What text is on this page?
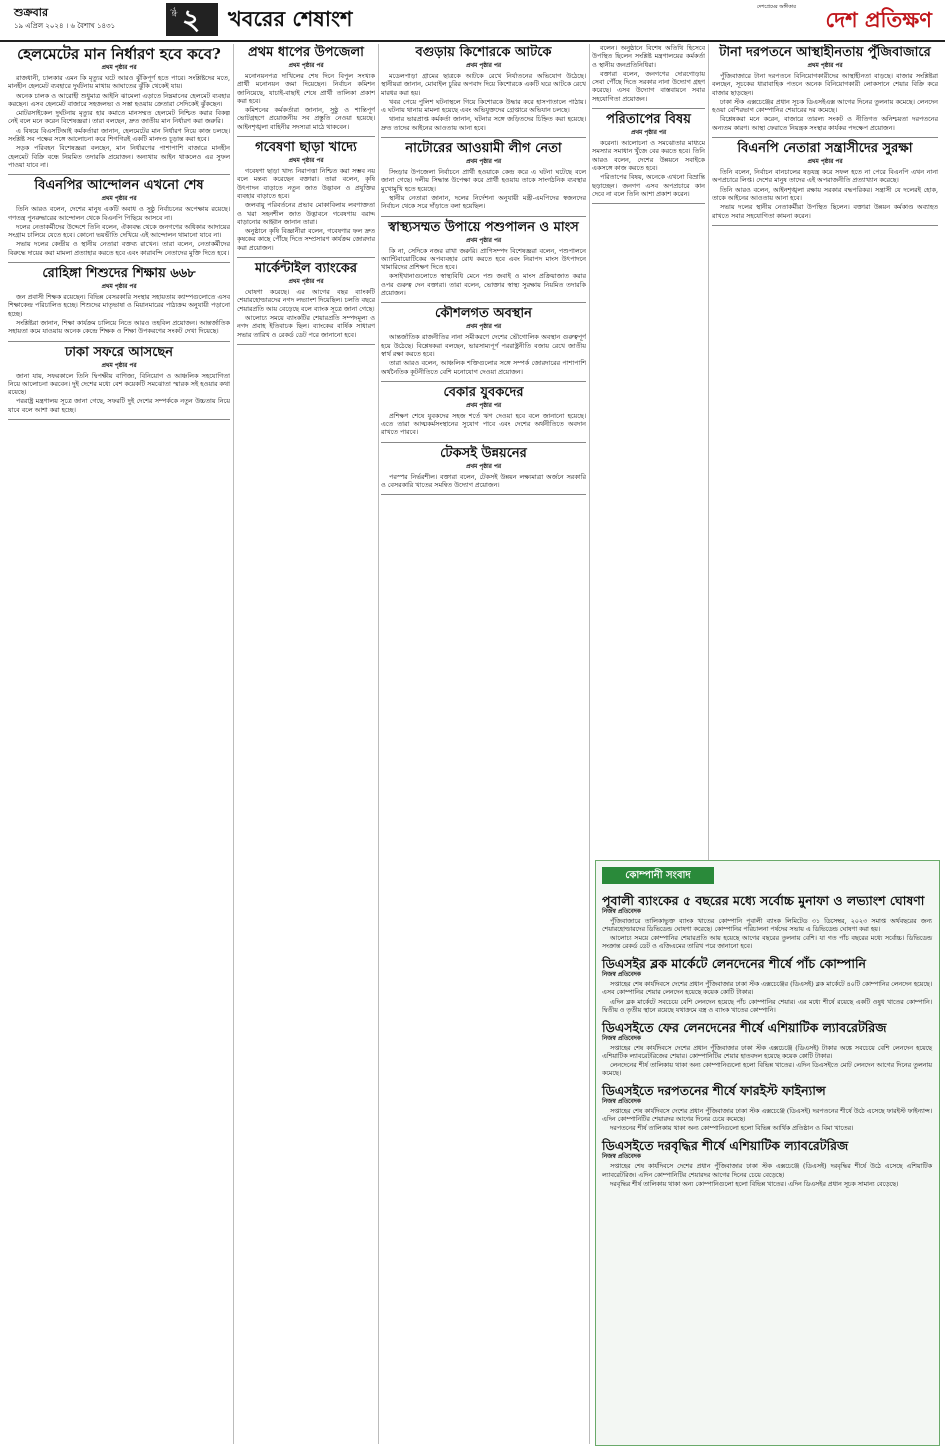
শুক্রবার
১৯ এপ্রিল ২০২৪ । ৬ বৈশাখ ১৪৩১
পৃষ্ঠা ২ খবরের শেষাংশ	দেশপ্রেমের অঙ্গীকার	দেশ প্রতিক্ষণ
হেলমেটের মান নির্ধারণ হবে কবে?
প্রথম পৃষ্ঠার পর

রাজধানী, চালকার এমন কি মৃত্যুর ঘটে আরও ঝুঁকিপূর্ণ হতে পারে। সংশ্লিষ্টদের মতে, মানহীন হেলমেট ব্যবহারে দুর্ঘটনায় মাথায় আঘাতের ঝুঁকি থেকেই যায়।

অনেক চালক ও আরোহী শুধুমাত্র আইনি ঝামেলা এড়াতে নিম্নমানের হেলমেট ব্যবহার করছেন। এসব হেলমেট বাজারে সহজলভ্য ও সস্তা হওয়ায় ক্রেতারা সেদিকেই ঝুঁকছেন।

মোটরসাইকেল দুর্ঘটনায় মৃত্যুর হার কমাতে মানসম্মত হেলমেট নিশ্চিত করার বিকল্প নেই বলে মনে করেন বিশেষজ্ঞরা। তারা বলছেন, দ্রুত জাতীয় মান নির্ধারণ করা জরুরি।

এ বিষয়ে বিএসটিআই কর্মকর্তারা জানান, হেলমেটের মান নির্ধারণ নিয়ে কাজ চলছে। সংশ্লিষ্ট সব পক্ষের সঙ্গে আলোচনা করে শিগগিরই একটি মানদণ্ড চূড়ান্ত করা হবে।

সড়ক পরিবহন বিশেষজ্ঞরা বলছেন, মান নির্ধারণের পাশাপাশি বাজারে মানহীন হেলমেট বিক্রি বন্ধে নিয়মিত তদারকি প্রয়োজন। অন্যথায় আইন থাকলেও এর সুফল পাওয়া যাবে না।

বিএনপির আন্দোলন এখনো শেষ
প্রথম পৃষ্ঠার পর

তিনি আরও বলেন, দেশের মানুষ একটি অবাধ ও সুষ্ঠু নির্বাচনের অপেক্ষায় রয়েছে। গণতন্ত্র পুনরুদ্ধারের আন্দোলন থেকে বিএনপি পিছিয়ে আসবে না।

দলের নেতাকর্মীদের উদ্দেশে তিনি বলেন, ঐক্যবদ্ধ থেকে জনগণের অধিকার আদায়ের সংগ্রাম চালিয়ে যেতে হবে। কোনো ভয়ভীতি দেখিয়ে এই আন্দোলন থামানো যাবে না।

সভায় দলের কেন্দ্রীয় ও স্থানীয় নেতারা বক্তব্য রাখেন। তারা বলেন, নেতাকর্মীদের বিরুদ্ধে দায়ের করা মামলা প্রত্যাহার করতে হবে এবং কারাবন্দি নেতাদের মুক্তি দিতে হবে।

রোহিঙ্গা শিশুদের শিক্ষায় ৬৬৮
প্রথম পৃষ্ঠার পর

জন প্রবাসী শিক্ষক রয়েছেন। বিভিন্ন বেসরকারি সংস্থার সহায়তায় ক্যাম্পগুলোতে এসব শিক্ষাকেন্দ্র পরিচালিত হচ্ছে। শিশুদের মাতৃভাষা ও মিয়ানমারের পাঠ্যক্রম অনুযায়ী পড়ানো হচ্ছে।

সংশ্লিষ্টরা জানান, শিক্ষা কার্যক্রম চালিয়ে নিতে আরও তহবিল প্রয়োজন। আন্তর্জাতিক সহায়তা কমে যাওয়ায় অনেক কেন্দ্রে শিক্ষক ও শিক্ষা উপকরণের সংকট দেখা দিয়েছে।

ঢাকা সফরে আসছেন
প্রথম পৃষ্ঠার পর

জানা যায়, সফরকালে তিনি দ্বিপক্ষীয় বাণিজ্য, বিনিয়োগ ও আঞ্চলিক সহযোগিতা নিয়ে আলোচনা করবেন। দুই দেশের মধ্যে বেশ কয়েকটি সমঝোতা স্মারক সই হওয়ার কথা রয়েছে।

পররাষ্ট্র মন্ত্রণালয় সূত্রে জানা গেছে, সফরটি দুই দেশের সম্পর্ককে নতুন উচ্চতায় নিয়ে যাবে বলে আশা করা হচ্ছে।

প্রথম ধাপের উপজেলা
প্রথম পৃষ্ঠার পর

মনোনয়নপত্র দাখিলের শেষ দিনে বিপুল সংখ্যক প্রার্থী মনোনয়ন জমা দিয়েছেন। নির্বাচন কমিশন জানিয়েছে, যাচাই-বাছাই শেষে প্রার্থী তালিকা প্রকাশ করা হবে।

কমিশনের কর্মকর্তারা জানান, সুষ্ঠু ও শান্তিপূর্ণ ভোটগ্রহণে প্রয়োজনীয় সব প্রস্তুতি নেওয়া হয়েছে। আইনশৃঙ্খলা বাহিনীর সদস্যরা মাঠে থাকবেন।

গবেষণা ছাড়া খাদ্যে
প্রথম পৃষ্ঠার পর

গবেষণা ছাড়া খাদ্য নিরাপত্তা নিশ্চিত করা সম্ভব নয় বলে মন্তব্য করেছেন বক্তারা। তারা বলেন, কৃষি উৎপাদন বাড়াতে নতুন জাত উদ্ভাবন ও প্রযুক্তির ব্যবহার বাড়াতে হবে।

জলবায়ু পরিবর্তনের প্রভাব মোকাবিলায় লবণাক্ততা ও খরা সহনশীল জাত উদ্ভাবনে গবেষণায় বরাদ্দ বাড়ানোর আহ্বান জানান তারা।

অনুষ্ঠানে কৃষি বিজ্ঞানীরা বলেন, গবেষণার ফল দ্রুত কৃষকের কাছে পৌঁছে দিতে সম্প্রসারণ কার্যক্রম জোরদার করা প্রয়োজন।

মার্কেন্টাইল ব্যাংকের
প্রথম পৃষ্ঠার পর

ঘোষণা করেছে। এর আগের বছর ব্যাংকটি শেয়ারহোল্ডারদের নগদ লভ্যাংশ দিয়েছিল। চলতি বছরে শেয়ারপ্রতি আয় বেড়েছে বলে ব্যাংক সূত্রে জানা গেছে।

আলোচ্য সময়ে ব্যাংকটির শেয়ারপ্রতি সম্পদমূল্য ও নগদ প্রবাহ ইতিবাচক ছিল। ব্যাংকের বার্ষিক সাধারণ সভার তারিখ ও রেকর্ড ডেট পরে জানানো হবে।

বগুড়ায় কিশোরকে আটকে
প্রথম পৃষ্ঠার পর

মডেলপাড়া গ্রামের ছাত্রকে আটকে রেখে নির্যাতনের অভিযোগ উঠেছে। স্থানীয়রা জানান, মোবাইল চুরির অপবাদ দিয়ে কিশোরকে একটি ঘরে আটকে রেখে মারধর করা হয়।

খবর পেয়ে পুলিশ ঘটনাস্থলে গিয়ে কিশোরকে উদ্ধার করে হাসপাতালে পাঠায়। এ ঘটনায় থানায় মামলা হয়েছে এবং অভিযুক্তদের গ্রেপ্তারে অভিযান চলছে।

থানার ভারপ্রাপ্ত কর্মকর্তা জানান, ঘটনার সঙ্গে জড়িতদের চিহ্নিত করা হয়েছে। দ্রুত তাদের আইনের আওতায় আনা হবে।

নাটোরের আওয়ামী লীগ নেতা
প্রথম পৃষ্ঠার পর

সিংড়ার উপজেলা নির্বাচনে প্রার্থী হওয়াকে কেন্দ্র করে এ ঘটনা ঘটেছে বলে জানা গেছে। দলীয় সিদ্ধান্ত উপেক্ষা করে প্রার্থী হওয়ায় তাকে সাংগঠনিক ব্যবস্থার মুখোমুখি হতে হয়েছে।

স্থানীয় নেতারা জানান, দলের নির্দেশনা অনুযায়ী মন্ত্রী-এমপিদের স্বজনদের নির্বাচন থেকে সরে দাঁড়াতে বলা হয়েছিল।

স্বাস্থ্যসম্মত উপায়ে পশুপালন ও মাংস
প্রথম পৃষ্ঠার পর

কি না, সেদিকে নজর রাখা জরুরি। প্রাণিসম্পদ বিশেষজ্ঞরা বলেন, পশুপালনে অ্যান্টিবায়োটিকের অপব্যবহার রোধ করতে হবে এবং নিরাপদ মাংস উৎপাদনে খামারিদের প্রশিক্ষণ দিতে হবে।

কসাইখানাগুলোতে স্বাস্থ্যবিধি মেনে পশু জবাই ও মাংস প্রক্রিয়াজাত করার ওপর গুরুত্ব দেন বক্তারা। তারা বলেন, ভোক্তার স্বাস্থ্য সুরক্ষায় নিয়মিত তদারকি প্রয়োজন।

কৌশলগত অবস্থান
প্রথম পৃষ্ঠার পর

আন্তর্জাতিক রাজনীতির নানা সমীকরণে দেশের ভৌগোলিক অবস্থান গুরুত্বপূর্ণ হয়ে উঠেছে। বিশ্লেষকরা বলছেন, ভারসাম্যপূর্ণ পররাষ্ট্রনীতি বজায় রেখে জাতীয় স্বার্থ রক্ষা করতে হবে।

তারা আরও বলেন, আঞ্চলিক শক্তিগুলোর সঙ্গে সম্পর্ক জোরদারের পাশাপাশি অর্থনৈতিক কূটনীতিতে বেশি মনোযোগ দেওয়া প্রয়োজন।

বেকার যুবকদের
প্রথম পৃষ্ঠার পর

প্রশিক্ষণ শেষে যুবকদের সহজ শর্তে ঋণ দেওয়া হবে বলে জানানো হয়েছে। এতে তারা আত্মকর্মসংস্থানের সুযোগ পাবে এবং দেশের অর্থনীতিতে অবদান রাখতে পারবে।

টেকসই উন্নয়নের
প্রথম পৃষ্ঠার পর

পরস্পর নির্ভরশীল। বক্তারা বলেন, টেকসই উন্নয়ন লক্ষ্যমাত্রা অর্জনে সরকারি ও বেসরকারি খাতের সমন্বিত উদ্যোগ প্রয়োজন।

বলেন। অনুষ্ঠানে বিশেষ অতিথি হিসেবে উপস্থিত ছিলেন সংশ্লিষ্ট মন্ত্রণালয়ের কর্মকর্তা ও স্থানীয় জনপ্রতিনিধিরা।

বক্তারা বলেন, জনগণের দোরগোড়ায় সেবা পৌঁছে দিতে সরকার নানা উদ্যোগ গ্রহণ করেছে। এসব উদ্যোগ বাস্তবায়নে সবার সহযোগিতা প্রয়োজন।

পরিতাপের বিষয়
প্রথম পৃষ্ঠার পর

করেনা। আলোচনা ও সমঝোতার মাধ্যমে সমস্যার সমাধান খুঁজে বের করতে হবে। তিনি আরও বলেন, দেশের উন্নয়নে সবাইকে একসঙ্গে কাজ করতে হবে।

পরিতাপের বিষয়, অনেকে এখনো বিভ্রান্তি ছড়াচ্ছেন। জনগণ এসব অপপ্রচারে কান দেবে না বলে তিনি আশা প্রকাশ করেন।

টানা দরপতনে আস্থাহীনতায় পুঁজিবাজারে
প্রথম পৃষ্ঠার পর

পুঁজিবাজারে টানা দরপতনে বিনিয়োগকারীদের আস্থাহীনতা বাড়ছে। বাজার সংশ্লিষ্টরা বলছেন, সূচকের ধারাবাহিক পতনে অনেক বিনিয়োগকারী লোকসানে শেয়ার বিক্রি করে বাজার ছাড়ছেন।

ঢাকা স্টক এক্সচেঞ্জের প্রধান সূচক ডিএসইএক্স আগের দিনের তুলনায় কমেছে। লেনদেন হওয়া বেশিরভাগ কোম্পানির শেয়ারের দর কমেছে।

বিশ্লেষকরা মনে করেন, বাজারে তারল্য সংকট ও নীতিগত অনিশ্চয়তা দরপতনের অন্যতম কারণ। আস্থা ফেরাতে নিয়ন্ত্রক সংস্থার কার্যকর পদক্ষেপ প্রয়োজন।

বিএনপি নেতারা সন্ত্রাসীদের সুরক্ষা
প্রথম পৃষ্ঠার পর

তিনি বলেন, নির্বাচন বানচালের ষড়যন্ত্র করে সফল হতে না পেরে বিএনপি এখন নানা অপপ্রচারে লিপ্ত। দেশের মানুষ তাদের এই অপরাজনীতি প্রত্যাখ্যান করেছে।

তিনি আরও বলেন, আইনশৃঙ্খলা রক্ষায় সরকার বদ্ধপরিকর। সন্ত্রাসী যে দলেরই হোক, তাকে আইনের আওতায় আনা হবে।

সভায় দলের স্থানীয় নেতাকর্মীরা উপস্থিত ছিলেন। বক্তারা উন্নয়ন কর্মকাণ্ড অব্যাহত রাখতে সবার সহযোগিতা কামনা করেন।

কোম্পানী সংবাদ
পূবালী ব্যাংকের ৫ বছরের মধ্যে সর্বোচ্চ মুনাফা ও লভ্যাংশ ঘোষণা
নিজস্ব প্রতিবেদক

পুঁজিবাজারে তালিকাভুক্ত ব্যাংক খাতের কোম্পানি পূবালী ব্যাংক লিমিটেড ৩১ ডিসেম্বর, ২০২৩ সমাপ্ত অর্থবছরের জন্য শেয়ারহোল্ডারদের ডিভিডেন্ড ঘোষণা করেছে। কোম্পানির পরিচালনা পর্ষদের সভায় এ ডিভিডেন্ড ঘোষণা করা হয়।

আলোচ্য সময়ে কোম্পানির শেয়ারপ্রতি আয় হয়েছে আগের বছরের তুলনায় বেশি। যা গত পাঁচ বছরের মধ্যে সর্বোচ্চ। ডিভিডেন্ড সংক্রান্ত রেকর্ড ডেট ও এজিএমের তারিখ পরে জানানো হবে।

ডিএসইর ব্লক মার্কেটে লেনদেনের শীর্ষে পাঁচ কোম্পানি
নিজস্ব প্রতিবেদক

সপ্তাহের শেষ কার্যদিবসে দেশের প্রধান পুঁজিবাজার ঢাকা স্টক এক্সচেঞ্জের (ডিএসই) ব্লক মার্কেটে ৪০টি কোম্পানির লেনদেন হয়েছে। এসব কোম্পানির শেয়ার লেনদেন হয়েছে কয়েক কোটি টাকার।

এদিন ব্লক মার্কেটে সবচেয়ে বেশি লেনদেন হয়েছে পাঁচ কোম্পানির শেয়ার। এর মধ্যে শীর্ষে রয়েছে একটি ওষুধ খাতের কোম্পানি। দ্বিতীয় ও তৃতীয় স্থানে রয়েছে যথাক্রমে বস্ত্র ও ব্যাংক খাতের কোম্পানি।

ডিএসইতে ফের লেনদেনের শীর্ষে এশিয়াটিক ল্যাবরেটরিজ
নিজস্ব প্রতিবেদক

সপ্তাহের শেষ কার্যদিবসে দেশের প্রধান পুঁজিবাজার ঢাকা স্টক এক্সচেঞ্জে (ডিএসই) টাকার অঙ্কে সবচেয়ে বেশি লেনদেন হয়েছে এশিয়াটিক ল্যাবরেটরিজের শেয়ার। কোম্পানিটির শেয়ার হাতবদল হয়েছে কয়েক কোটি টাকার।

লেনদেনের শীর্ষ তালিকায় থাকা অন্য কোম্পানিগুলো হলো বিভিন্ন খাতের। এদিন ডিএসইতে মোট লেনদেন আগের দিনের তুলনায় কমেছে।

ডিএসইতে দরপতনের শীর্ষে ফারইস্ট ফাইন্যান্স
নিজস্ব প্রতিবেদক

সপ্তাহের শেষ কার্যদিবসে দেশের প্রধান পুঁজিবাজার ঢাকা স্টক এক্সচেঞ্জে (ডিএসই) দরপতনের শীর্ষে উঠে এসেছে ফারইস্ট ফাইন্যান্স। এদিন কোম্পানিটির শেয়ারদর আগের দিনের চেয়ে কমেছে।

দরপতনের শীর্ষ তালিকায় থাকা অন্য কোম্পানিগুলো হলো বিভিন্ন আর্থিক প্রতিষ্ঠান ও বিমা খাতের।

ডিএসইতে দরবৃদ্ধির শীর্ষে এশিয়াটিক ল্যাবরেটরিজ
নিজস্ব প্রতিবেদক

সপ্তাহের শেষ কার্যদিবসে দেশের প্রধান পুঁজিবাজার ঢাকা স্টক এক্সচেঞ্জে (ডিএসই) দরবৃদ্ধির শীর্ষে উঠে এসেছে এশিয়াটিক ল্যাবরেটরিজ। এদিন কোম্পানিটির শেয়ারদর আগের দিনের চেয়ে বেড়েছে।

দরবৃদ্ধির শীর্ষ তালিকায় থাকা অন্য কোম্পানিগুলো হলো বিভিন্ন খাতের। এদিন ডিএসইর প্রধান সূচক সামান্য বেড়েছে।
